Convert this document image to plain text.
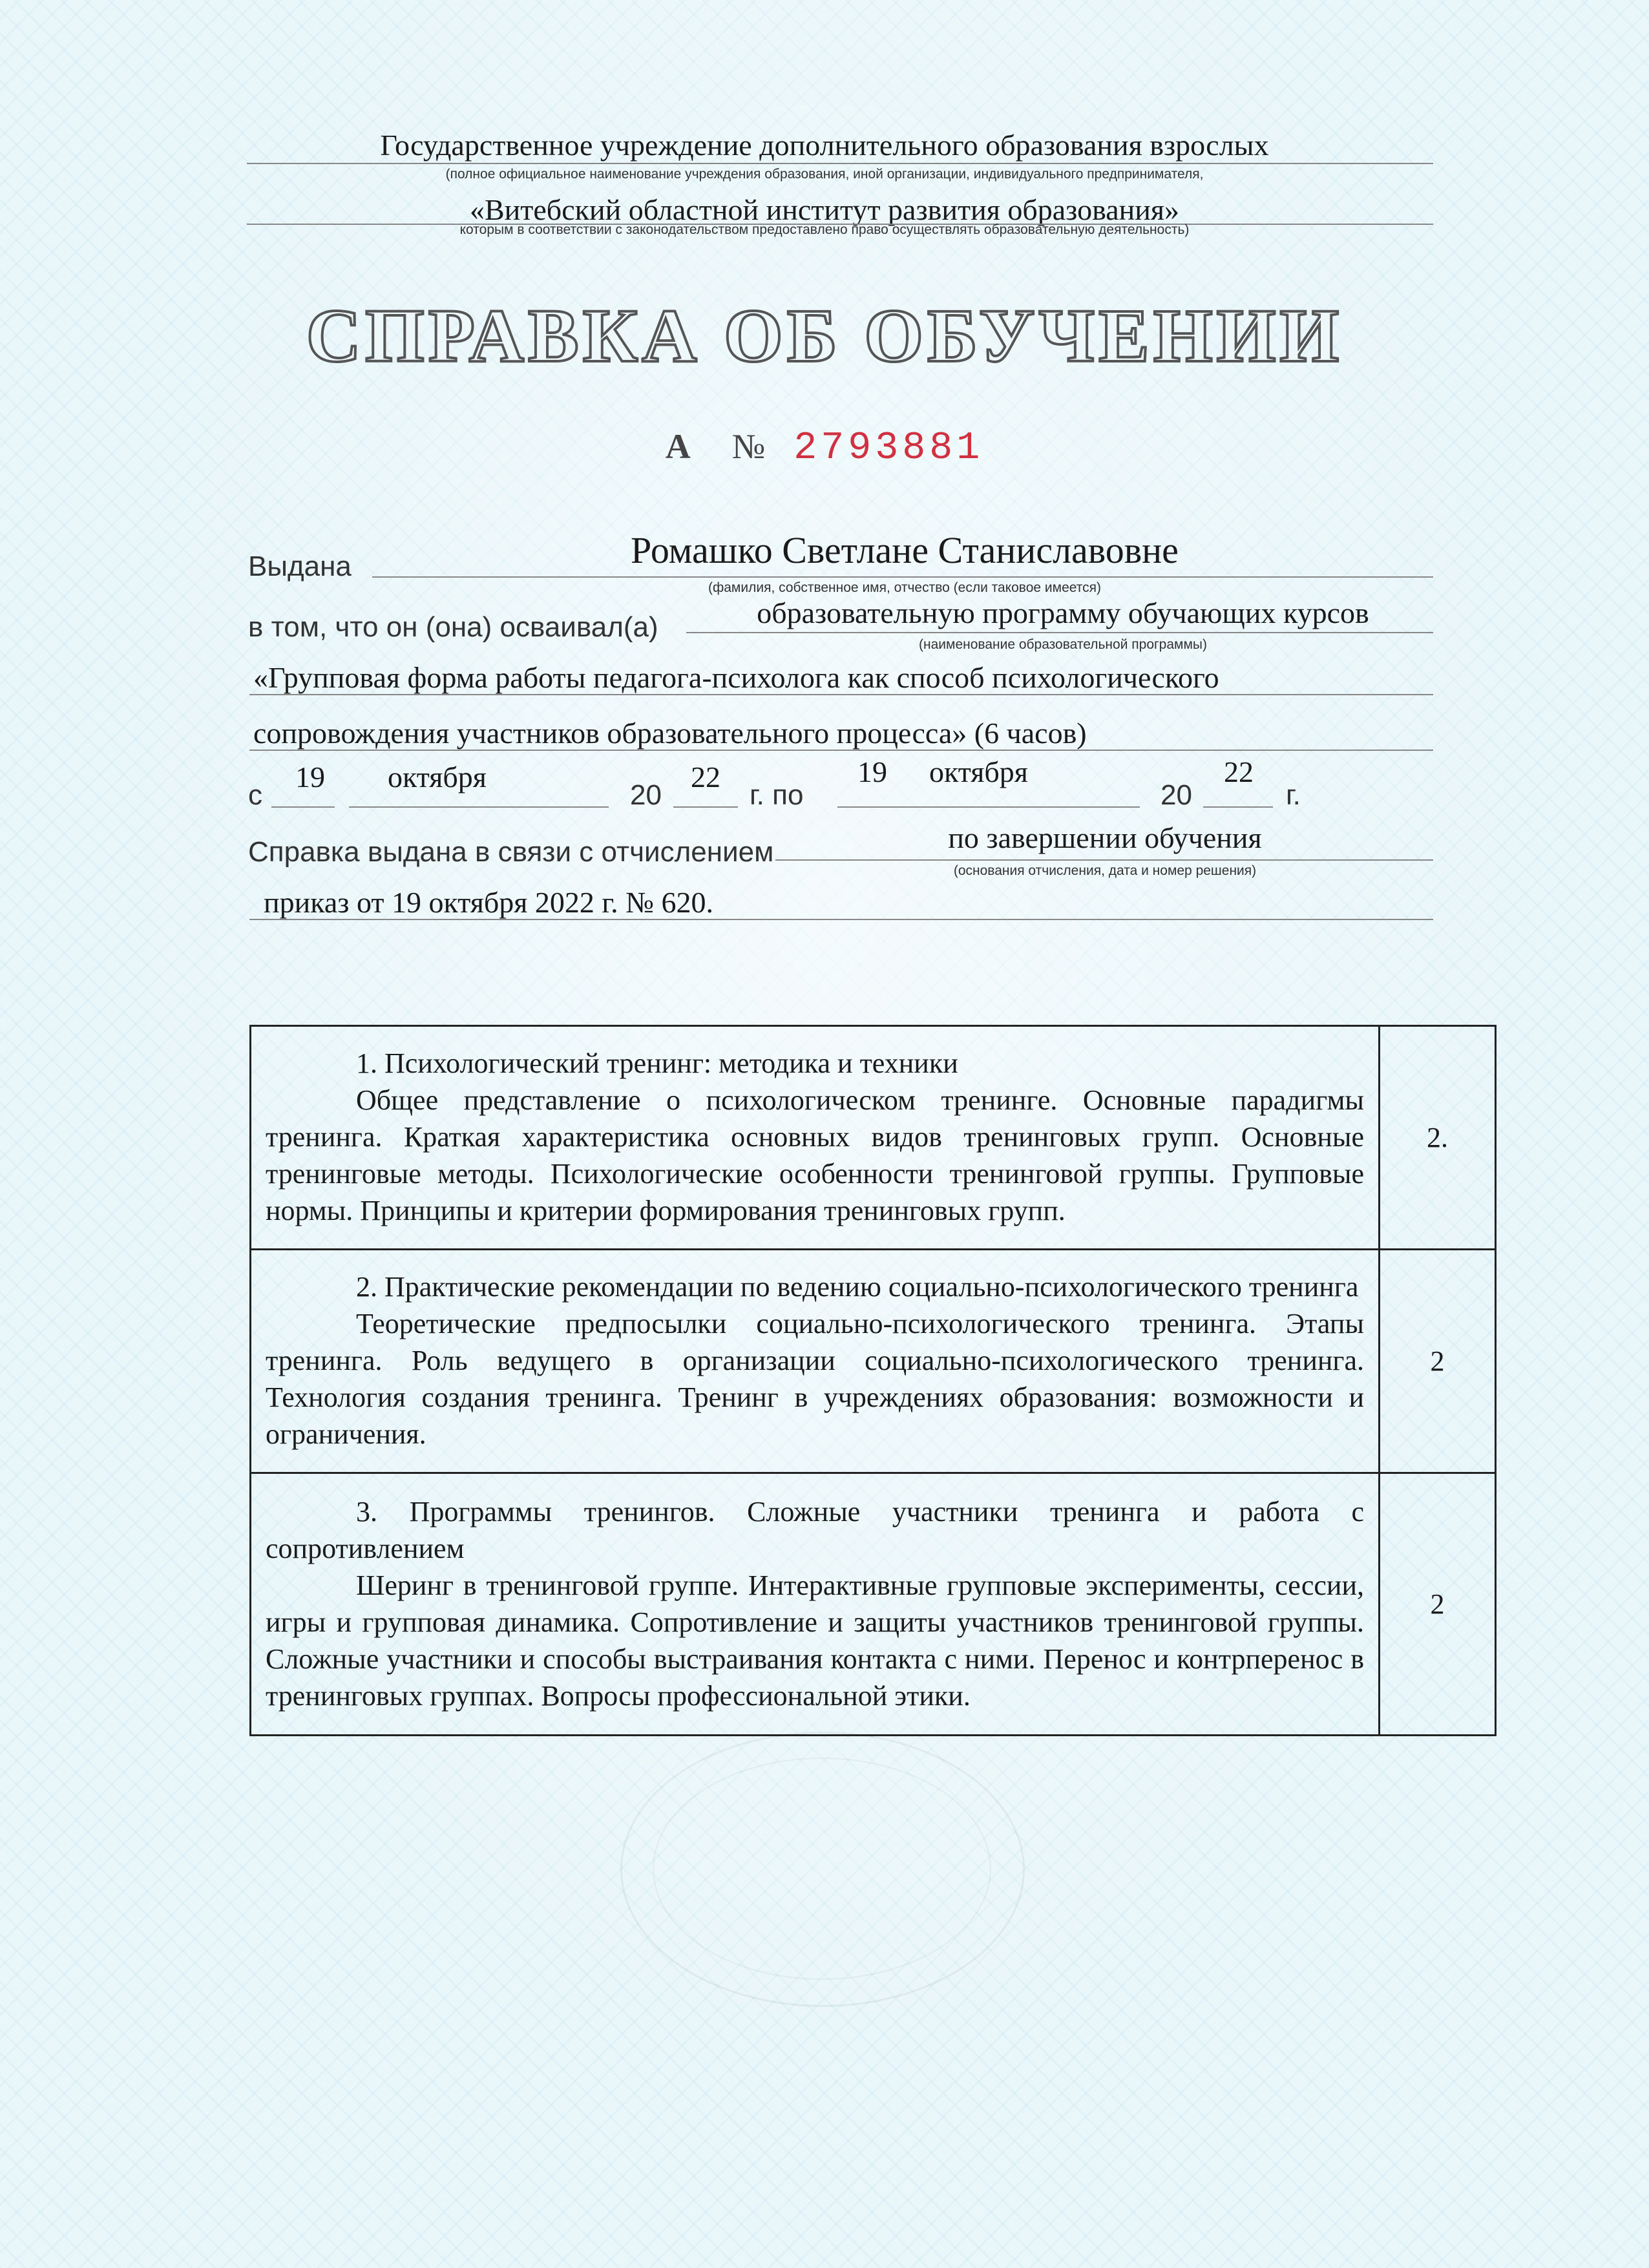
Государственное учреждение дополнительного образования взрослых
(полное официальное наименование учреждения образования, иной организации, индивидуального предпринимателя,
«Витебский областной институт развития образования»
которым в соответствии с законодательством предоставлено право осуществлять образовательную деятельность)
СПРАВКА ОБ ОБУЧЕНИИ
А № 2793881
Выдана	Ромашко Светлане Станиславовне
(фамилия, собственное имя, отчество (если таковое имеется)
в том, что он (она) осваивал(а)	образовательную программу обучающих курсов
(наименование образовательной программы)
«Групповая форма работы педагога-психолога как способ психологического
сопровождения участников образовательного процесса» (6 часов)
с
19	октября
20
22
г. по
19	октября
20
22
г.
Справка выдана в связи с отчислением	по завершении обучения
(основания отчисления, дата и номер решения)
приказ от 19 октября 2022 г. № 620.
1. Психологический тренинг: методика и техники
Общее представление о психологическом тренинге. Основные парадигмы тренинга. Краткая характеристика основных видов тренинговых групп. Основные тренинговые методы. Психологические особенности тренинговой группы. Групповые нормы. Принципы и критерии формирования тренинговых групп.	2.

2. Практические рекомендации по ведению социально-психологического тренинга
Теоретические предпосылки социально-психологического тренинга. Этапы тренинга. Роль ведущего в организации социально-психологического тренинга. Технология создания тренинга. Тренинг в учреждениях образования: возможности и ограничения.	2

3. Программы тренингов. Сложные участники тренинга и работа с сопротивлением
Шеринг в тренинговой группе. Интерактивные групповые эксперименты, сессии, игры и групповая динамика. Сопротивление и защиты участников тренинговой группы. Сложные участники и способы выстраивания контакта с ними. Перенос и контрперенос в тренинговых группах. Вопросы профессиональной этики.	2
